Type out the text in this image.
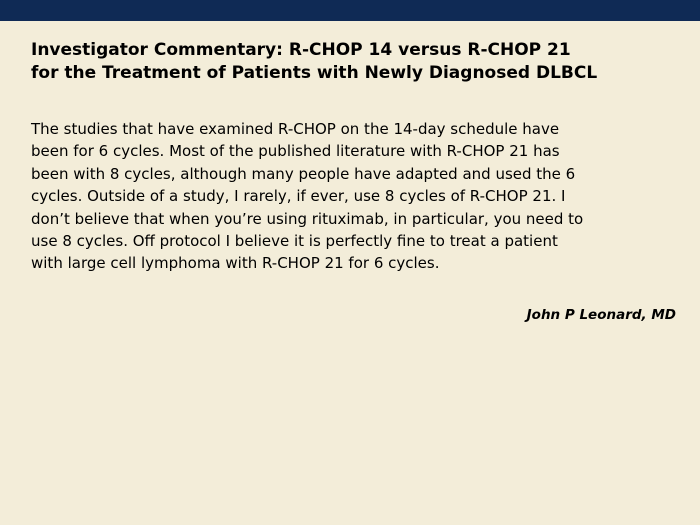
Investigator Commentary: R-CHOP 14 versus R-CHOP 21
for the Treatment of Patients with Newly Diagnosed DLBCL

The studies that have examined R-CHOP on the 14-day schedule have
been for 6 cycles. Most of the published literature with R-CHOP 21 has
been with 8 cycles, although many people have adapted and used the 6
cycles. Outside of a study, I rarely, if ever, use 8 cycles of R-CHOP 21. I
don’t believe that when you’re using rituximab, in particular, you need to
use 8 cycles. Off protocol I believe it is perfectly fine to treat a patient
with large cell lymphoma with R-CHOP 21 for 6 cycles.

John P Leonard, MD
